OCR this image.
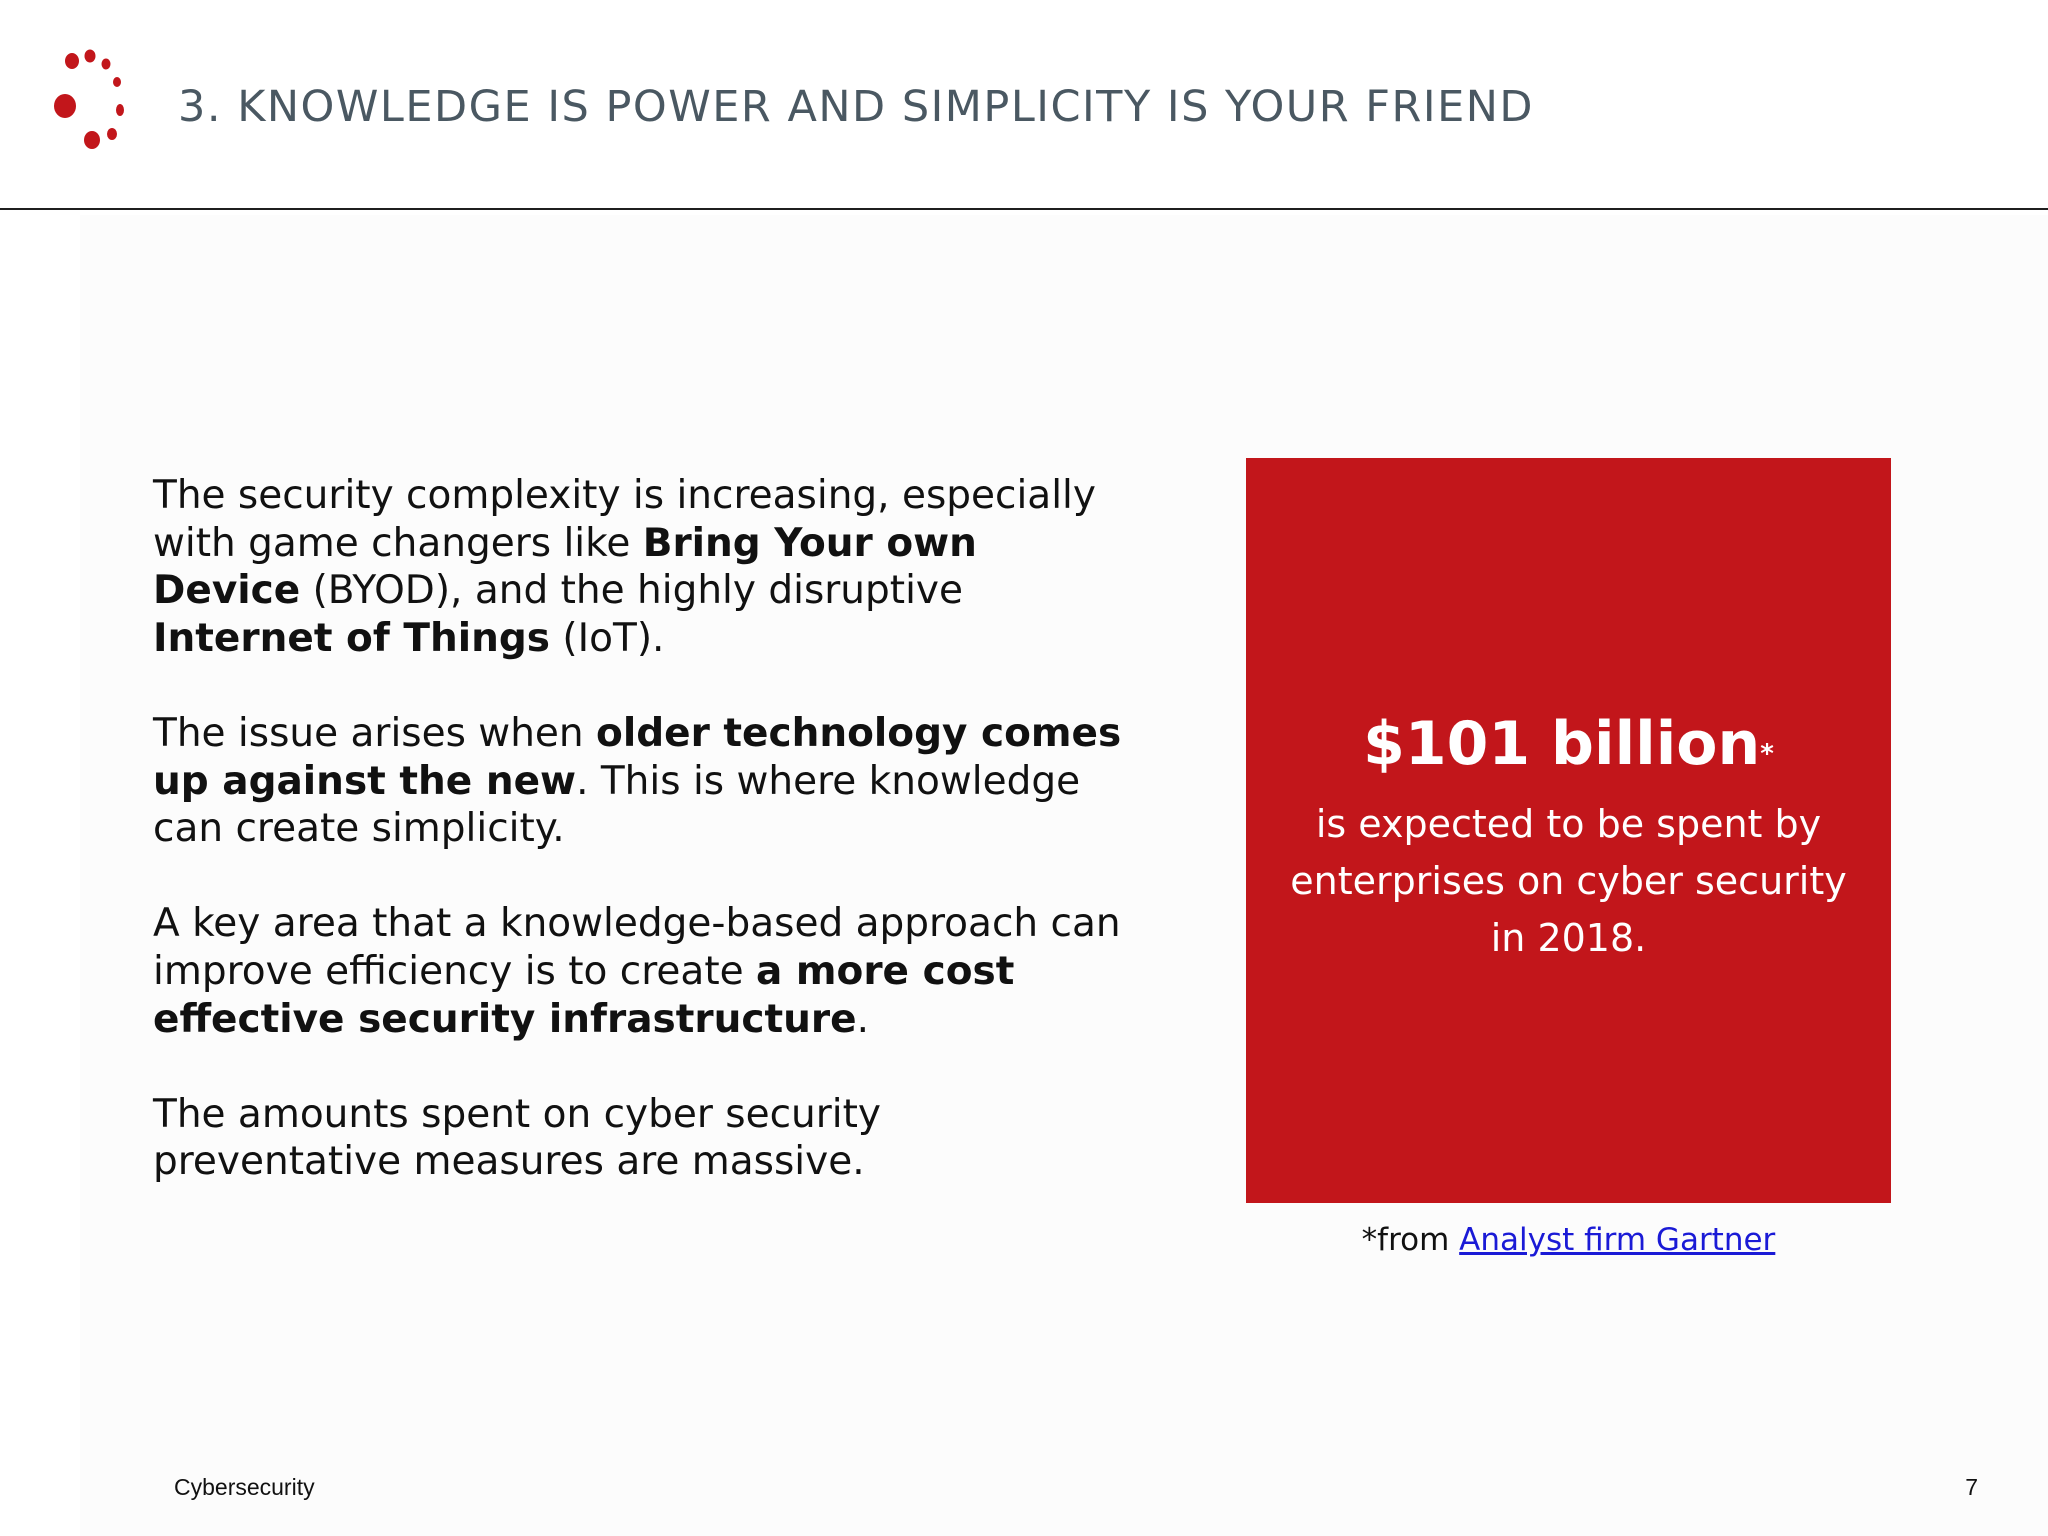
3. KNOWLEDGE IS POWER AND SIMPLICITY IS YOUR FRIEND

The security complexity is increasing, especially with game changers like Bring Your own Device (BYOD), and the highly disruptive Internet of Things (IoT).

The issue arises when older technology comes up against the new. This is where knowledge can create simplicity.

A key area that a knowledge-based approach can improve efficiency is to create a more cost effective security infrastructure.

The amounts spent on cyber security preventative measures are massive.

$101 billion*
is expected to be spent by enterprises on cyber security in 2018.
*from Analyst firm Gartner
Cybersecurity	7
